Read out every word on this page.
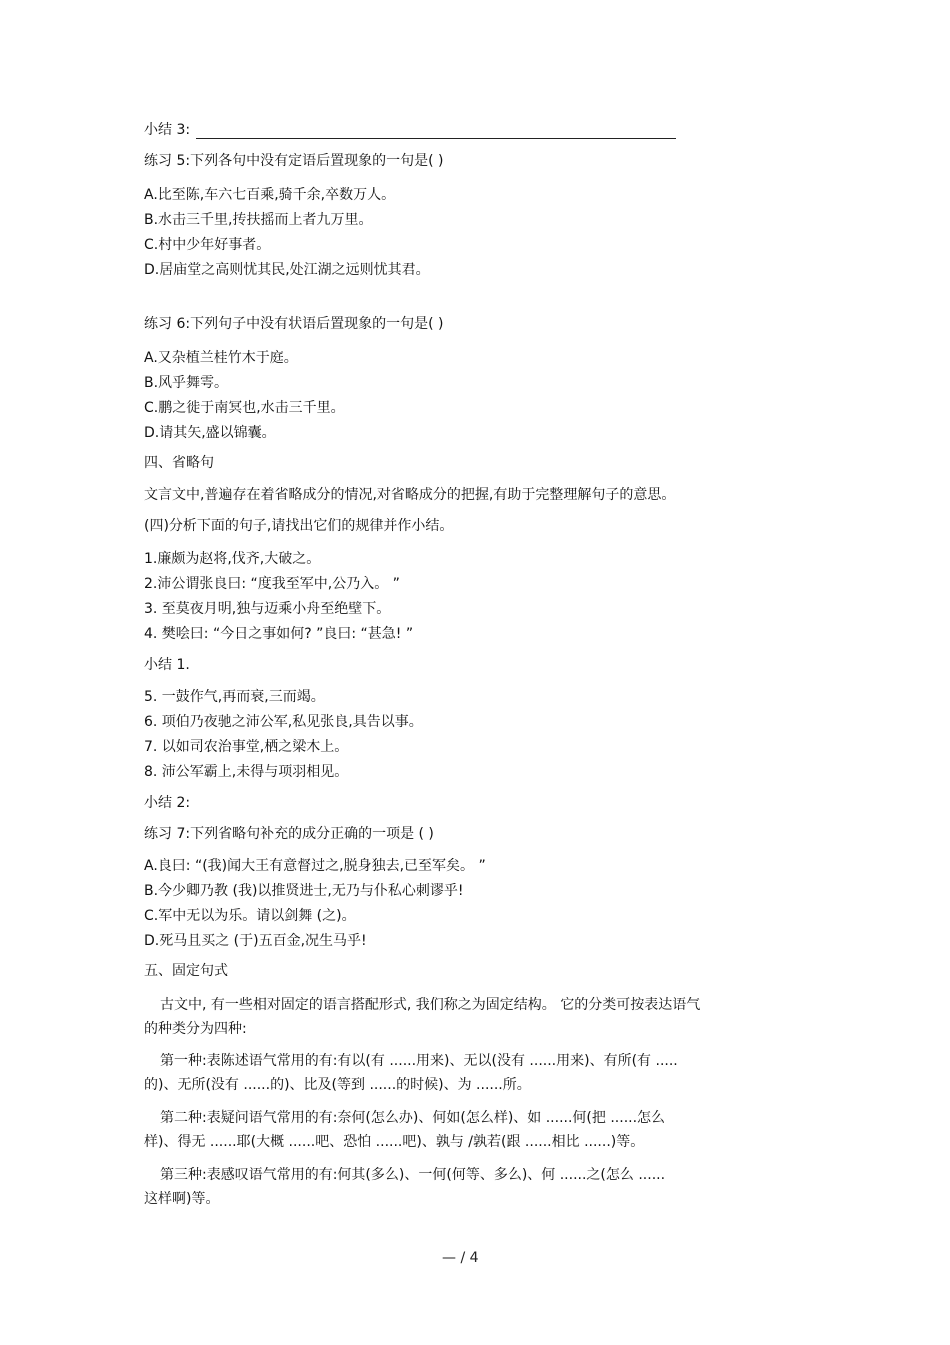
小结 3:
练习 5:下列各句中没有定语后置现象的一句是( )
A.比至陈,车六七百乘,骑千余,卒数万人。
B.水击三千里,抟扶摇而上者九万里。
C.村中少年好事者。
D.居庙堂之高则忧其民,处江湖之远则忧其君。
练习 6:下列句子中没有状语后置现象的一句是( )
A.又杂植兰桂竹木于庭。
B.风乎舞雩。
C.鹏之徙于南冥也,水击三千里。
D.请其矢,盛以锦囊。
四、省略句
文言文中,普遍存在着省略成分的情况,对省略成分的把握,有助于完整理解句子的意思。
(四)分析下面的句子,请找出它们的规律并作小结。
1.廉颇为赵将,伐齐,大破之。
2.沛公谓张良曰: “度我至军中,公乃入。 ”
3. 至莫夜月明,独与迈乘小舟至绝壁下。
4. 樊哙曰: “今日之事如何? ”良曰: “甚急! ”
小结 1.
5. 一鼓作气,再而衰,三而竭。
6. 项伯乃夜驰之沛公军,私见张良,具告以事。
7. 以如司农治事堂,栖之梁木上。
8. 沛公军霸上,未得与项羽相见。
小结 2:
练习 7:下列省略句补充的成分正确的一项是 ( )
A.良曰: “(我)闻大王有意督过之,脱身独去,已至军矣。 ”
B.今少卿乃教 (我)以推贤进士,无乃与仆私心刺谬乎!
C.军中无以为乐。请以剑舞 (之)。
D.死马且买之 (于)五百金,况生马乎!
五、固定句式
古文中, 有一些相对固定的语言搭配形式, 我们称之为固定结构。 它的分类可按表达语气
的种类分为四种:
第一种:表陈述语气常用的有:有以(有 ......用来)、无以(没有 ......用来)、有所(有 .....
的)、无所(没有 ......的)、比及(等到 ......的时候)、为 ......所。
第二种:表疑问语气常用的有:奈何(怎么办)、何如(怎么样)、如 ......何(把 ......怎么
样)、得无 ......耶(大概 ......吧、恐怕 ......吧)、孰与 /孰若(跟 ......相比 ......)等。
第三种:表感叹语气常用的有:何其(多么)、一何(何等、多么)、何 ......之(怎么 ......
这样啊)等。
— / 4
